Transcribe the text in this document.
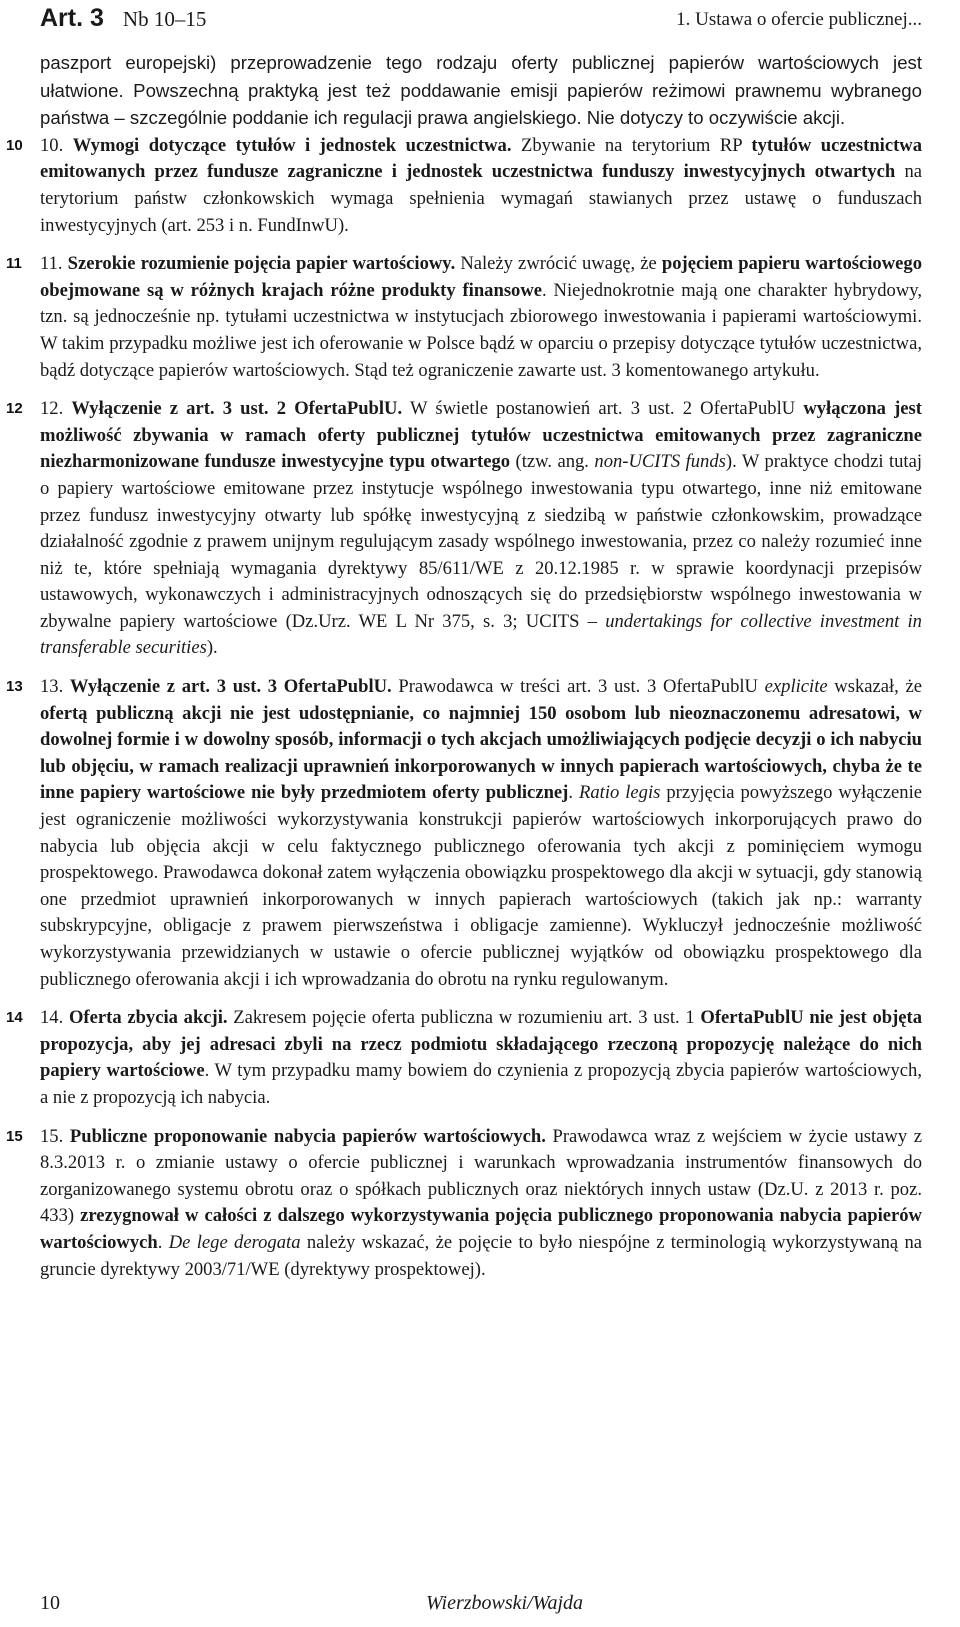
Art. 3 Nb 10–15	1. Ustawa o ofercie publicznej...

paszport europejski) przeprowadzenie tego rodzaju oferty publicznej papierów wartościowych jest ułatwione. Powszechną praktyką jest też poddawanie emisji papierów reżimowi prawnemu wybranego państwa – szczególnie poddanie ich regulacji prawa angielskiego. Nie dotyczy to oczywiście akcji.

10 10. Wymogi dotyczące tytułów i jednostek uczestnictwa. Zbywanie na terytorium RP tytułów uczestnictwa emitowanych przez fundusze zagraniczne i jednostek uczestnictwa funduszy inwestycyjnych otwartych na terytorium państw członkowskich wymaga spełnienia wymagań stawianych przez ustawę o funduszach inwestycyjnych (art. 253 i n. FundInwU).

11 11. Szerokie rozumienie pojęcia papier wartościowy. Należy zwrócić uwagę, że pojęciem papieru wartościowego obejmowane są w różnych krajach różne produkty finansowe. Niejednokrotnie mają one charakter hybrydowy, tzn. są jednocześnie np. tytułami uczestnictwa w instytucjach zbiorowego inwestowania i papierami wartościowymi. W takim przypadku możliwe jest ich oferowanie w Polsce bądź w oparciu o przepisy dotyczące tytułów uczestnictwa, bądź dotyczące papierów wartościowych. Stąd też ograniczenie zawarte ust. 3 komentowanego artykułu.

12 12. Wyłączenie z art. 3 ust. 2 OfertaPublU. W świetle postanowień art. 3 ust. 2 OfertaPublU wyłączona jest możliwość zbywania w ramach oferty publicznej tytułów uczestnictwa emitowanych przez zagraniczne niezharmonizowane fundusze inwestycyjne typu otwartego (tzw. ang. non-UCITS funds). W praktyce chodzi tutaj o papiery wartościowe emitowane przez instytucje wspólnego inwestowania typu otwartego, inne niż emitowane przez fundusz inwestycyjny otwarty lub spółkę inwestycyjną z siedzibą w państwie członkowskim, prowadzące działalność zgodnie z prawem unijnym regulującym zasady wspólnego inwestowania, przez co należy rozumieć inne niż te, które spełniają wymagania dyrektywy 85/611/WE z 20.12.1985 r. w sprawie koordynacji przepisów ustawowych, wykonawczych i administracyjnych odnoszących się do przedsiębiorstw wspólnego inwestowania w zbywalne papiery wartościowe (Dz.Urz. WE L Nr 375, s. 3; UCITS – undertakings for collective investment in transferable securities).

13 13. Wyłączenie z art. 3 ust. 3 OfertaPublU. Prawodawca w treści art. 3 ust. 3 OfertaPublU explicite wskazał, że ofertą publiczną akcji nie jest udostępnianie, co najmniej 150 osobom lub nieoznaczonemu adresatowi, w dowolnej formie i w dowolny sposób, informacji o tych akcjach umożliwiających podjęcie decyzji o ich nabyciu lub objęciu, w ramach realizacji uprawnień inkorporowanych w innych papierach wartościowych, chyba że te inne papiery wartościowe nie były przedmiotem oferty publicznej. Ratio legis przyjęcia powyższego wyłączenie jest ograniczenie możliwości wykorzystywania konstrukcji papierów wartościowych inkorporujących prawo do nabycia lub objęcia akcji w celu faktycznego publicznego oferowania tych akcji z pominięciem wymogu prospektowego. Prawodawca dokonał zatem wyłączenia obowiązku prospektowego dla akcji w sytuacji, gdy stanowią one przedmiot uprawnień inkorporowanych w innych papierach wartościowych (takich jak np.: warranty subskrypcyjne, obligacje z prawem pierwszeństwa i obligacje zamienne). Wykluczył jednocześnie możliwość wykorzystywania przewidzianych w ustawie o ofercie publicznej wyjątków od obowiązku prospektowego dla publicznego oferowania akcji i ich wprowadzania do obrotu na rynku regulowanym.

14 14. Oferta zbycia akcji. Zakresem pojęcie oferta publiczna w rozumieniu art. 3 ust. 1 OfertaPublU nie jest objęta propozycja, aby jej adresaci zbyli na rzecz podmiotu składającego rzeczoną propozycję należące do nich papiery wartościowe. W tym przypadku mamy bowiem do czynienia z propozycją zbycia papierów wartościowych, a nie z propozycją ich nabycia.

15 15. Publiczne proponowanie nabycia papierów wartościowych. Prawodawca wraz z wejściem w życie ustawy z 8.3.2013 r. o zmianie ustawy o ofercie publicznej i warunkach wprowadzania instrumentów finansowych do zorganizowanego systemu obrotu oraz o spółkach publicznych oraz niektórych innych ustaw (Dz.U. z 2013 r. poz. 433) zrezygnował w całości z dalszego wykorzystywania pojęcia publicznego proponowania nabycia papierów wartościowych. De lege derogata należy wskazać, że pojęcie to było niespójne z terminologią wykorzystywaną na gruncie dyrektywy 2003/71/WE (dyrektywy prospektowej).

10	Wierzbowski/Wajda
